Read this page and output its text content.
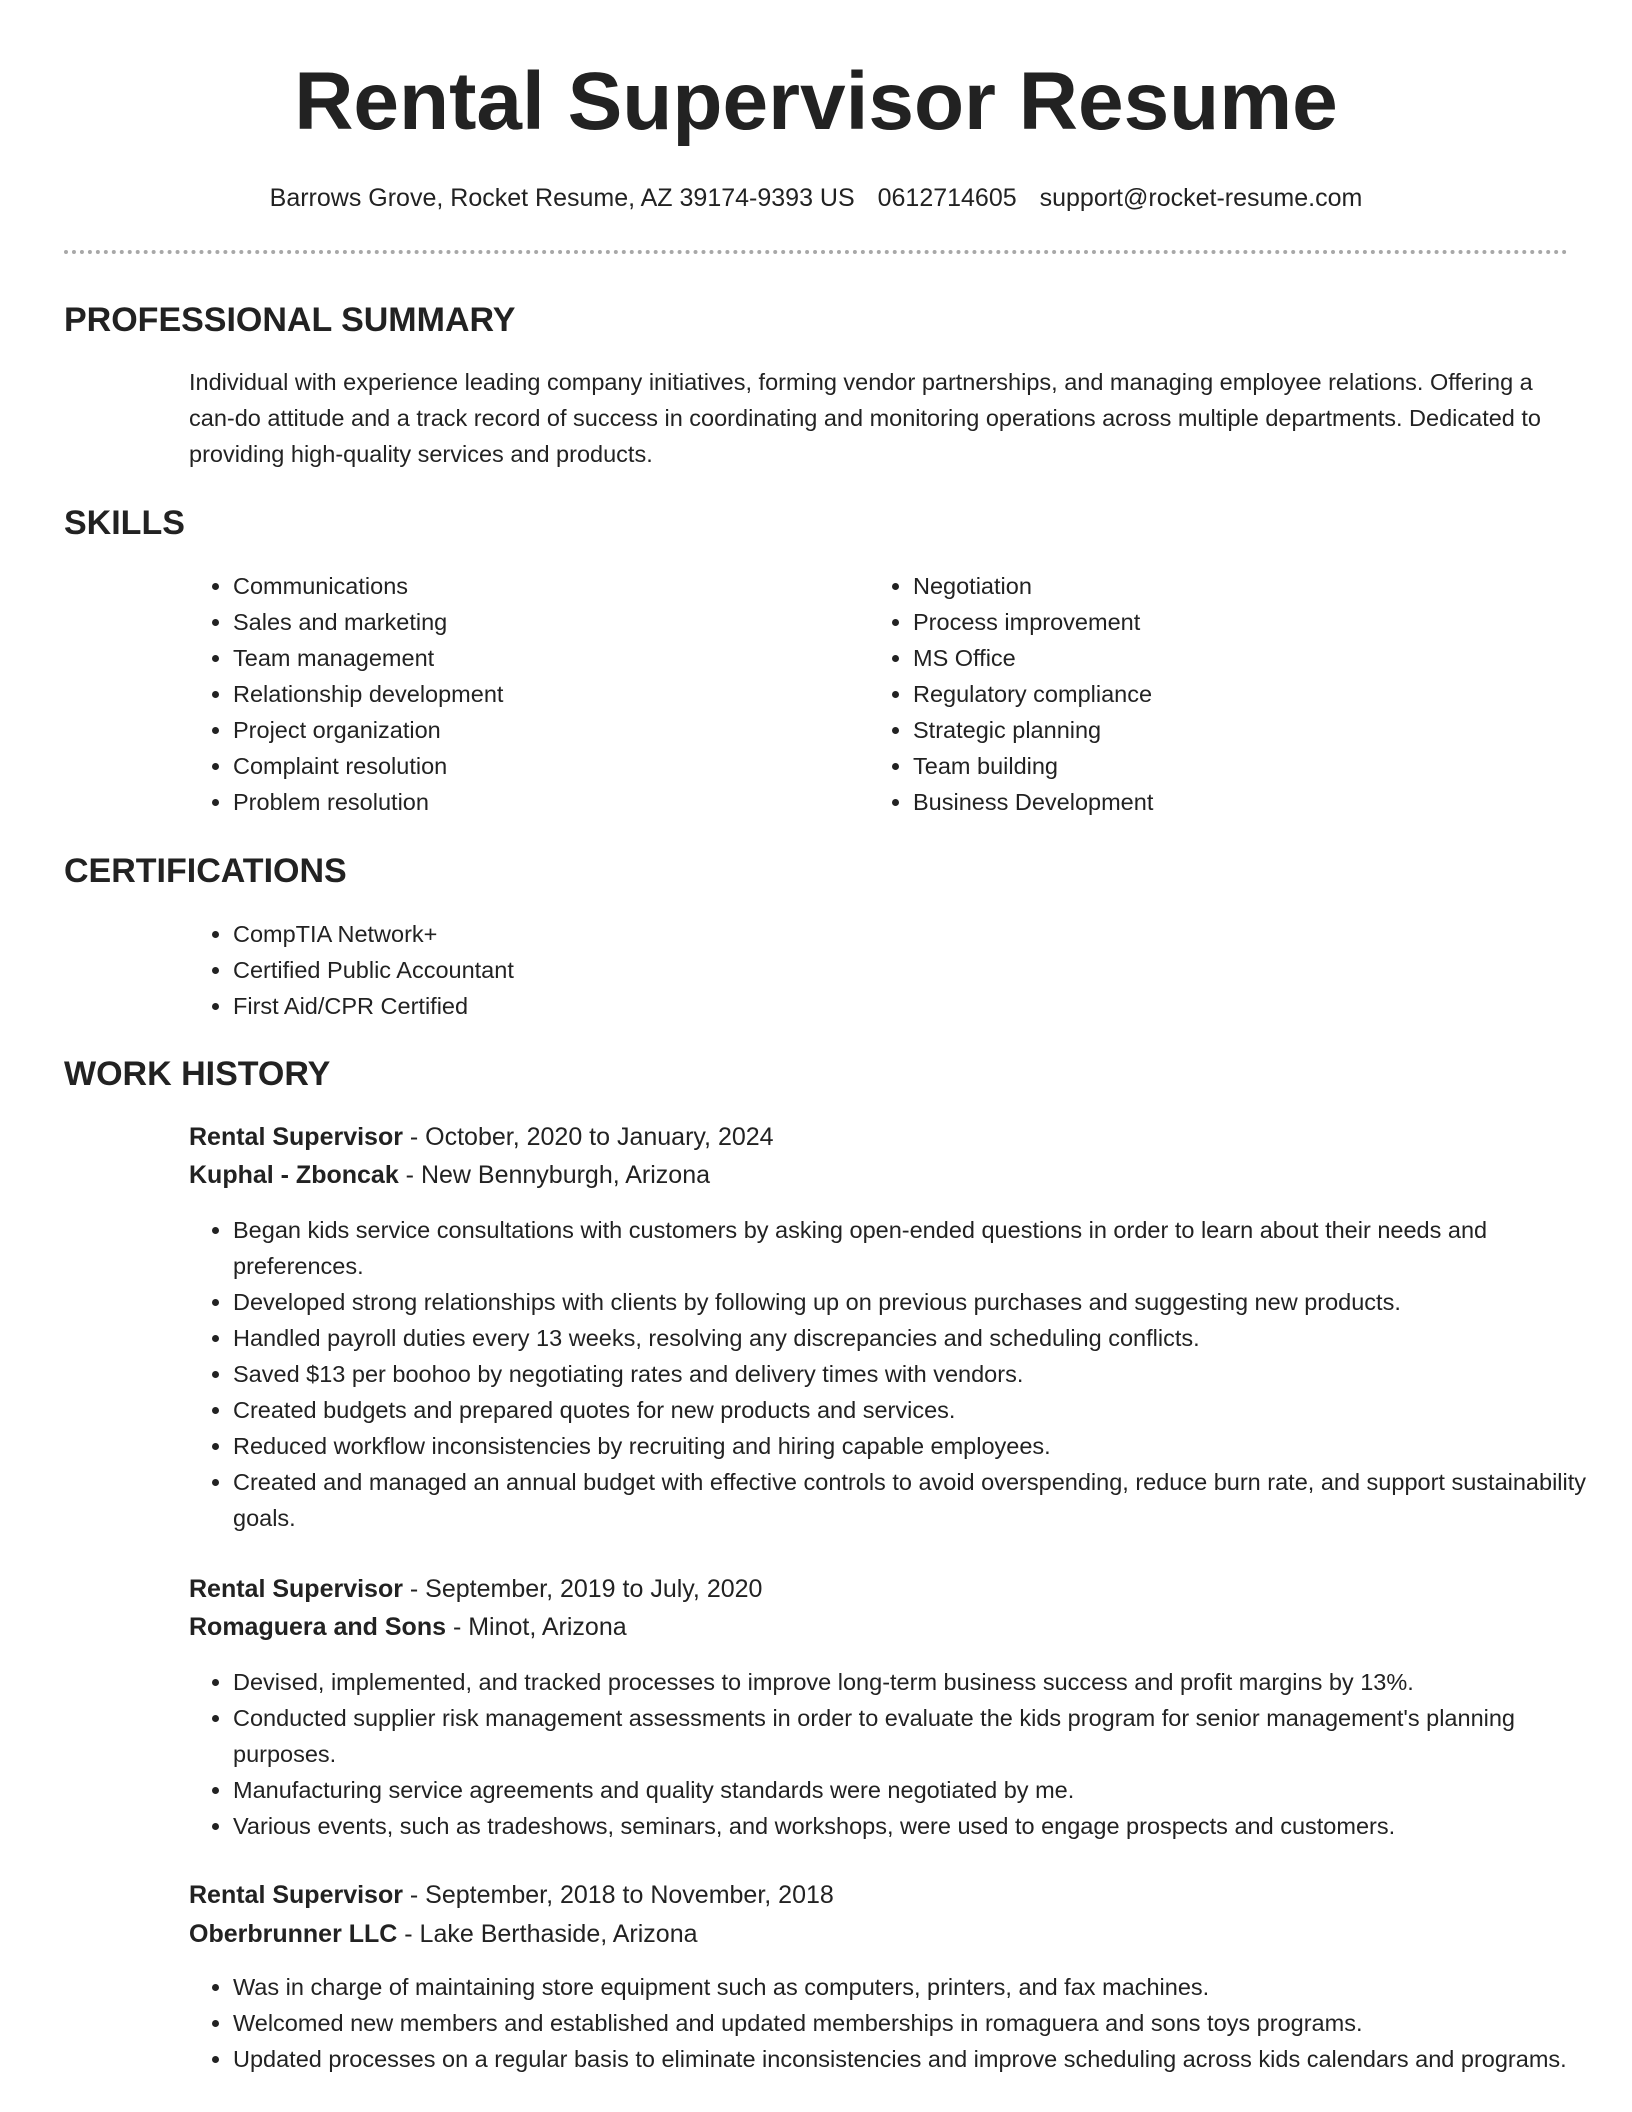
Rental Supervisor Resume
Barrows Grove, Rocket Resume, AZ 39174-9393 US 0612714605 support@rocket-resume.com
PROFESSIONAL SUMMARY

Individual with experience leading company initiatives, forming vendor partnerships, and managing employee relations. Offering a can-do attitude and a track record of success in coordinating and monitoring operations across multiple departments. Dedicated to providing high-quality services and products.

SKILLS
• Communications
• Sales and marketing
• Team management
• Relationship development
• Project organization
• Complaint resolution
• Problem resolution
• Negotiation
• Process improvement
• MS Office
• Regulatory compliance
• Strategic planning
• Team building
• Business Development
CERTIFICATIONS
• CompTIA Network+
• Certified Public Accountant
• First Aid/CPR Certified
WORK HISTORY
Rental Supervisor - October, 2020 to January, 2024
Kuphal - Zboncak - New Bennyburgh, Arizona
• Began kids service consultations with customers by asking open-ended questions in order to learn about their needs and preferences.
• Developed strong relationships with clients by following up on previous purchases and suggesting new products.
• Handled payroll duties every 13 weeks, resolving any discrepancies and scheduling conflicts.
• Saved $13 per boohoo by negotiating rates and delivery times with vendors.
• Created budgets and prepared quotes for new products and services.
• Reduced workflow inconsistencies by recruiting and hiring capable employees.
• Created and managed an annual budget with effective controls to avoid overspending, reduce burn rate, and support sustainability goals.
Rental Supervisor - September, 2019 to July, 2020
Romaguera and Sons - Minot, Arizona
• Devised, implemented, and tracked processes to improve long-term business success and profit margins by 13%.
• Conducted supplier risk management assessments in order to evaluate the kids program for senior management's planning purposes.
• Manufacturing service agreements and quality standards were negotiated by me.
• Various events, such as tradeshows, seminars, and workshops, were used to engage prospects and customers.
Rental Supervisor - September, 2018 to November, 2018
Oberbrunner LLC - Lake Berthaside, Arizona
• Was in charge of maintaining store equipment such as computers, printers, and fax machines.
• Welcomed new members and established and updated memberships in romaguera and sons toys programs.
• Updated processes on a regular basis to eliminate inconsistencies and improve scheduling across kids calendars and programs.
